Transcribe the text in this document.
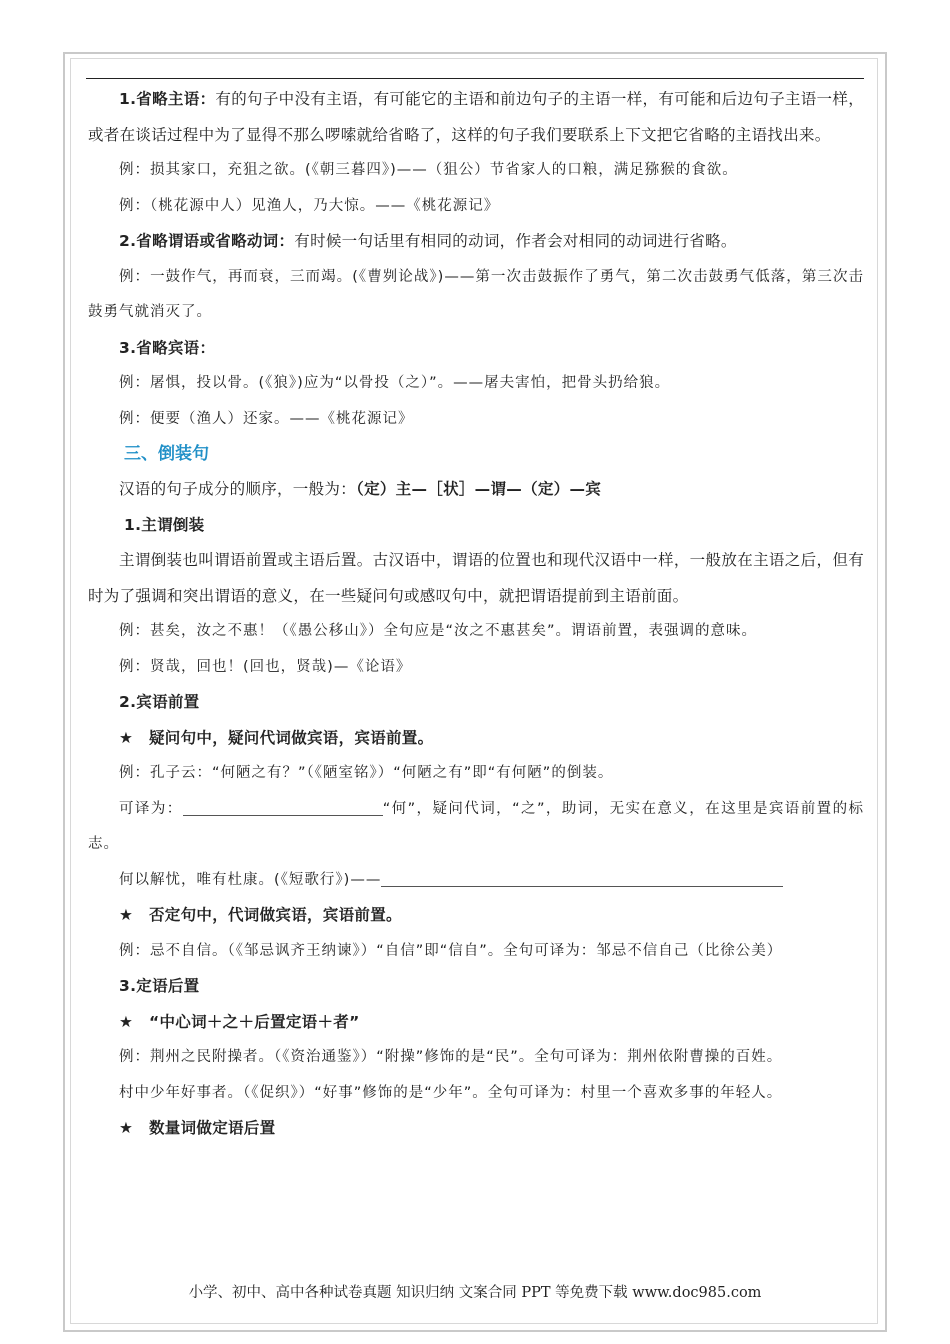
1.省略主语：有的句子中没有主语，有可能它的主语和前边句子的主语一样，有可能和后边句子主语一样，或者在谈话过程中为了显得不那么啰嗦就给省略了，这样的句子我们要联系上下文把它省略的主语找出来。

例：损其家口，充狙之欲。(《朝三暮四》)——（狙公）节省家人的口粮，满足猕猴的食欲。

例：（桃花源中人）见渔人，乃大惊。——《桃花源记》

2.省略谓语或省略动词：有时候一句话里有相同的动词，作者会对相同的动词进行省略。

例：一鼓作气，再而衰，三而竭。(《曹刿论战》)——第一次击鼓振作了勇气，第二次击鼓勇气低落，第三次击鼓勇气就消灭了。

3.省略宾语：

例：屠惧，投以骨。(《狼》)应为“以骨投（之）”。——屠夫害怕，把骨头扔给狼。

例：便要（渔人）还家。——《桃花源记》

三、倒装句

汉语的句子成分的顺序，一般为：（定）主—［状］—谓—（定）—宾

1.主谓倒装

主谓倒装也叫谓语前置或主语后置。古汉语中，谓语的位置也和现代汉语中一样，一般放在主语之后，但有时为了强调和突出谓语的意义，在一些疑问句或感叹句中，就把谓语提前到主语前面。

例：甚矣，汝之不惠！（《愚公移山》）全句应是“汝之不惠甚矣”。谓语前置，表强调的意味。

例：贤哉，回也！(回也，贤哉)—《论语》

2.宾语前置

★　疑问句中，疑问代词做宾语，宾语前置。

例：孔子云：“何陋之有？”（《陋室铭》）“何陋之有”即“有何陋”的倒装。

可译为：	“何”，疑问代词，“之”，助词，无实在意义，在这里是宾语前置的标志。

何以解忧，唯有杜康。(《短歌行》)——

★　否定句中，代词做宾语，宾语前置。

例：忌不自信。（《邹忌讽齐王纳谏》）“自信”即“信自”。全句可译为：邹忌不信自己（比徐公美）

3.定语后置

★　“中心词＋之＋后置定语＋者”

例：荆州之民附操者。（《资治通鉴》）“附操”修饰的是“民”。全句可译为：荆州依附曹操的百姓。

村中少年好事者。（《促织》）“好事”修饰的是“少年”。全句可译为：村里一个喜欢多事的年轻人。

★　数量词做定语后置

小学、初中、高中各种试卷真题 知识归纳 文案合同 PPT 等免费下载 www.doc985.com
